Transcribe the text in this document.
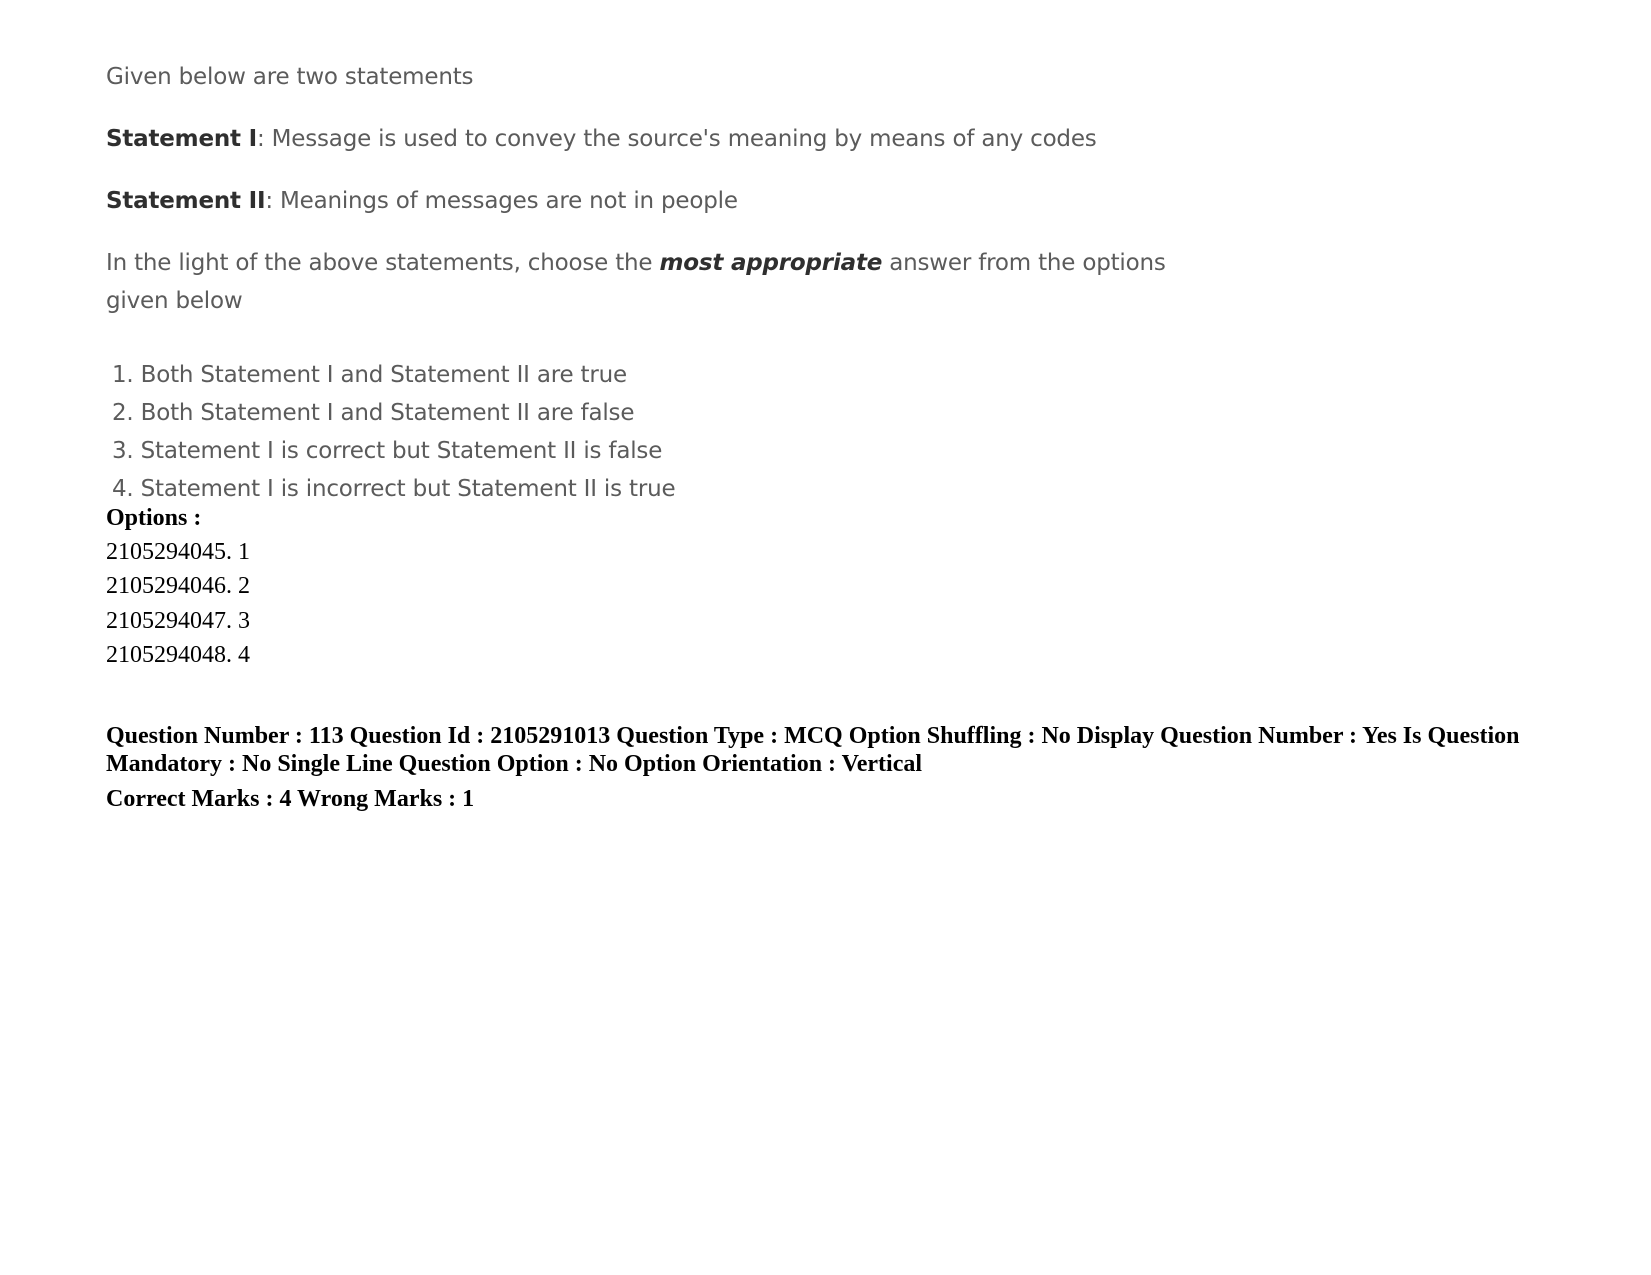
Given below are two statements
Statement I: Message is used to convey the source's meaning by means of any codes
Statement II: Meanings of messages are not in people
In the light of the above statements, choose the most appropriate answer from the options
given below
1. Both Statement I and Statement II are true
2. Both Statement I and Statement II are false
3. Statement I is correct but Statement II is false
4. Statement I is incorrect but Statement II is true
Options :
2105294045. 1
2105294046. 2
2105294047. 3
2105294048. 4
Question Number : 113 Question Id : 2105291013 Question Type : MCQ Option Shuffling : No Display Question Number : Yes Is Question Mandatory : No Single Line Question Option : No Option Orientation : Vertical
Correct Marks : 4 Wrong Marks : 1
